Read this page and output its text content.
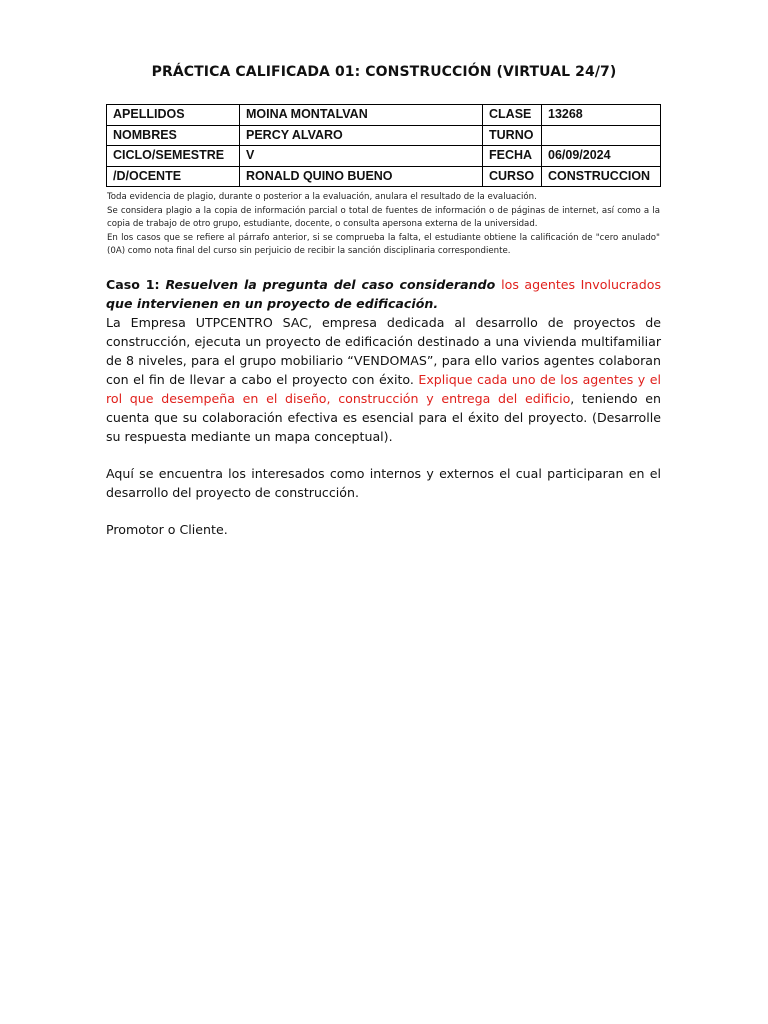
PRÁCTICA CALIFICADA 01: CONSTRUCCIÓN (VIRTUAL 24/7)
APELLIDOS	MOINA MONTALVAN	CLASE	13268
NOMBRES	PERCY ALVARO	TURNO	
CICLO/SEMESTRE	V	FECHA	06/09/2024
/D/OCENTE	RONALD QUINO BUENO	CURSO	CONSTRUCCION

Toda evidencia de plagio, durante o posterior a la evaluación, anulara el resultado de la evaluación.

Se considera plagio a la copia de información parcial o total de fuentes de información o de páginas de internet, así como a la copia de trabajo de otro grupo, estudiante, docente, o consulta apersona externa de la universidad.

En los casos que se refiere al párrafo anterior, si se comprueba la falta, el estudiante obtiene la calificación de "cero anulado" (0A) como nota final del curso sin perjuicio de recibir la sanción disciplinaria correspondiente.

Caso 1: Resuelven la pregunta del caso considerando los agentes Involucrados que intervienen en un proyecto de edificación.

La Empresa UTPCENTRO SAC, empresa dedicada al desarrollo de proyectos de construcción, ejecuta un proyecto de edificación destinado a una vivienda multifamiliar de 8 niveles, para el grupo mobiliario “VENDOMAS”, para ello varios agentes colaboran con el fin de llevar a cabo el proyecto con éxito. Explique cada uno de los agentes y el rol que desempeña en el diseño, construcción y entrega del edificio, teniendo en cuenta que su colaboración efectiva es esencial para el éxito del proyecto. (Desarrolle su respuesta mediante un mapa conceptual).

Aquí se encuentra los interesados como internos y externos el cual participaran en el desarrollo del proyecto de construcción.

Promotor o Cliente.
